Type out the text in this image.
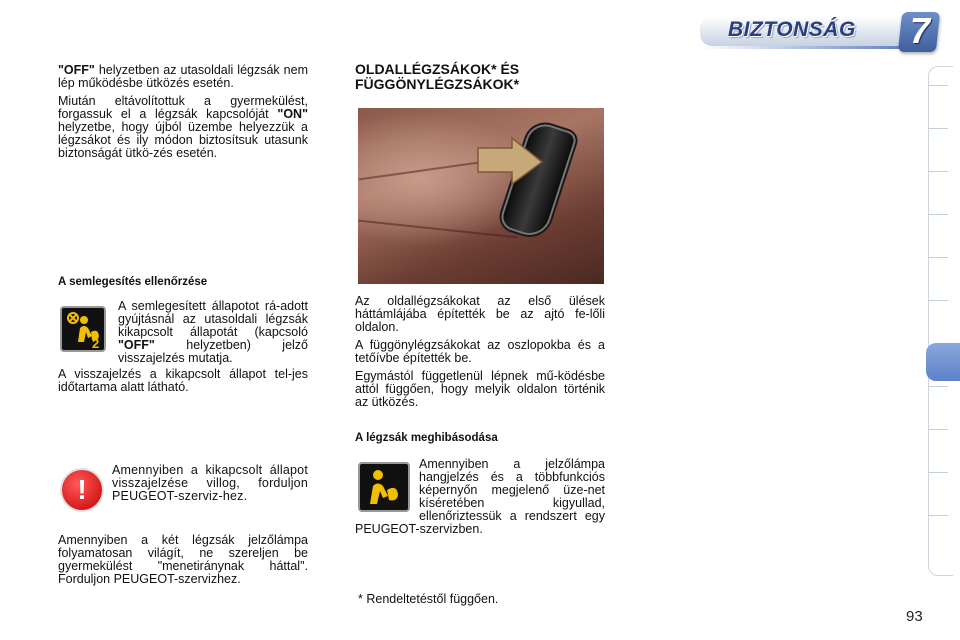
BIZTONSÁG 7

"OFF" helyzetben az utasoldali légzsák nem lép működésbe ütközés esetén.

Miután eltávolítottuk a gyermekülést, forgassuk el a légzsák kapcsolóját "ON" helyzetbe, hogy újból üzembe helyezzük a légzsákot és ily módon biztosítsuk utasunk biztonságát ütkö-zés esetén.

A semlegesítés ellenőrzése
2

A semlegesített állapotot rá-adott gyújtásnál az utasoldali légzsák kikapcsolt állapotát (kapcsoló "OFF" helyzetben) jelző visszajelzés mutatja.

A visszajelzés a kikapcsolt állapot tel-jes időtartama alatt látható.
!
Amennyiben a kikapcsolt állapot visszajelzése villog, forduljon PEUGEOT-szerviz-hez.
Amennyiben a két légzsák jelzőlámpa folyamatosan világít, ne szereljen be gyermekülést "menetiránynak háttal". Forduljon PEUGEOT-szervizhez.
OLDALLÉGZSÁKOK* ÉS FÜGGÖNYLÉGZSÁKOK*

Az oldallégzsákokat az első ülések háttámlájába építették be az ajtó fe-lőli oldalon.

A függönylégzsákokat az oszlopokba és a tetőívbe építették be.

Egymástól függetlenül lépnek mű-ködésbe attól függően, hogy melyik oldalon történik az ütközés.

A légzsák meghibásodása
Amennyiben a jelzőlámpa hangjelzés és a többfunkciós képernyőn megjelenő üze-net kíséretében kigyullad, ellenőriztessük a rendszert egy PEUGEOT-szervizben.
* Rendeltetéstől függően.
93
